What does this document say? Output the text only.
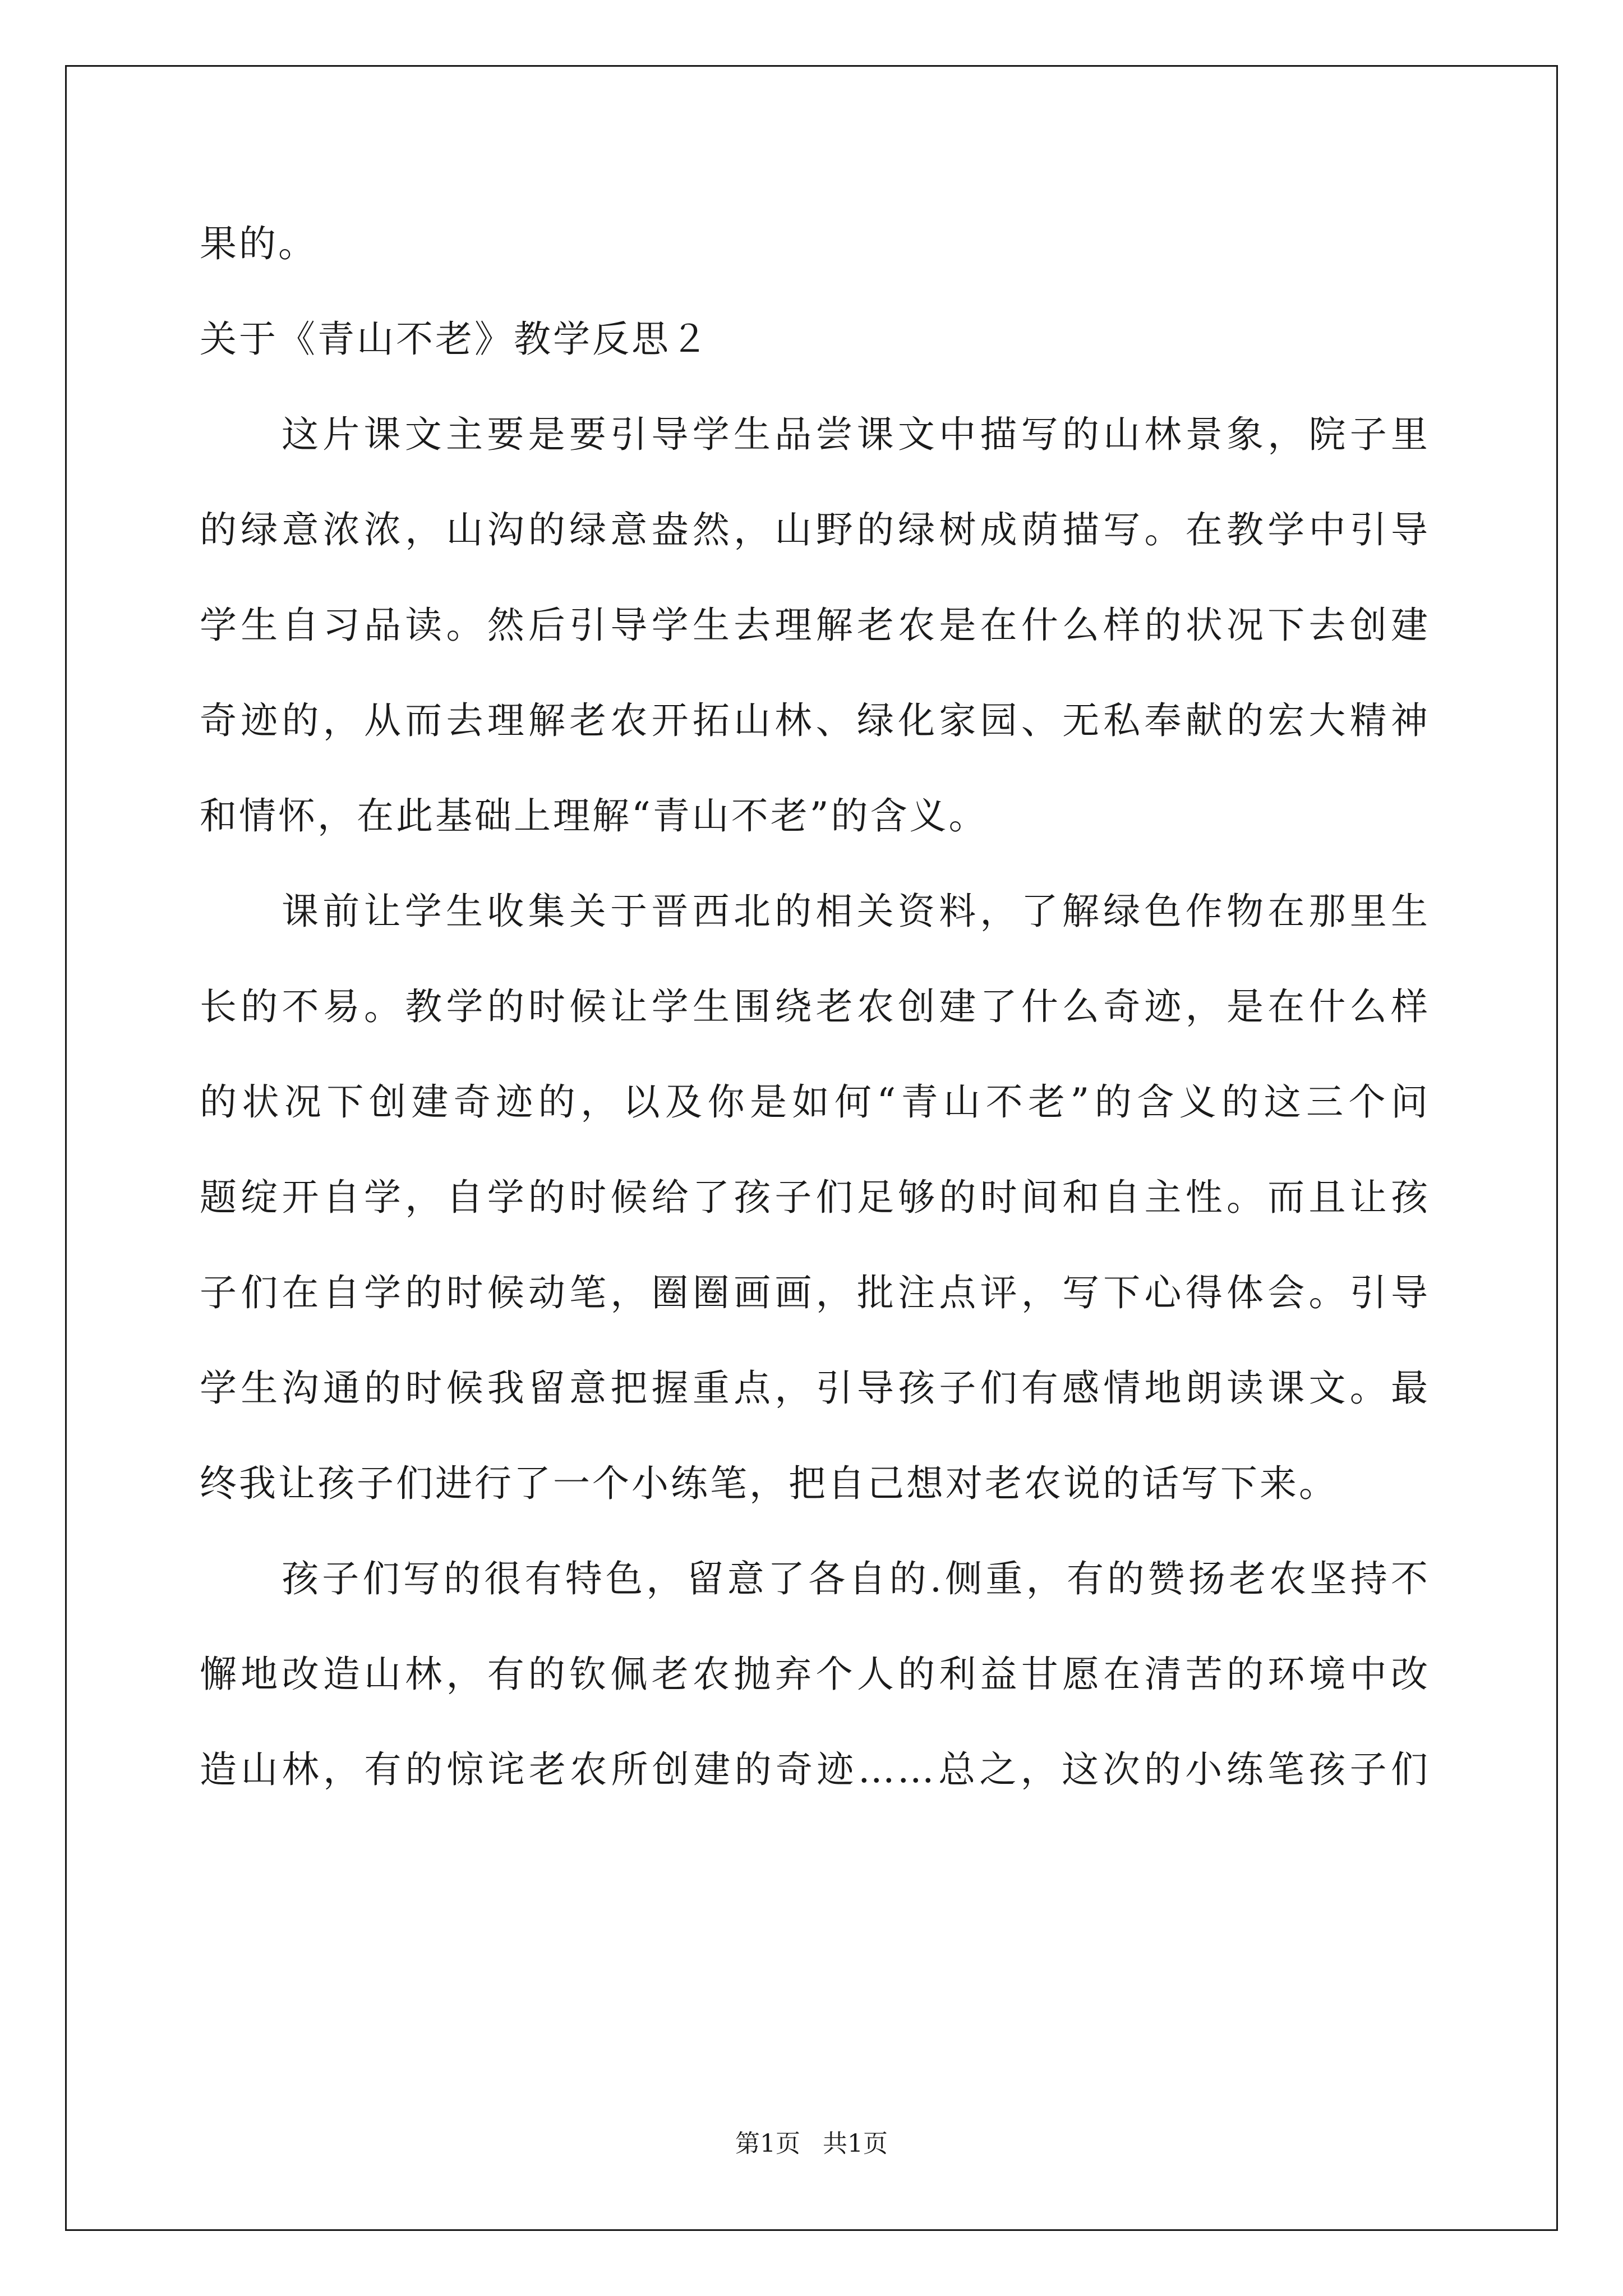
果的。
关于《青山不老》教学反思２
这片课文主要是要引导学生品尝课文中描写的山林景象，院子里
的绿意浓浓，山沟的绿意盎然，山野的绿树成荫描写。在教学中引导
学生自习品读。然后引导学生去理解老农是在什么样的状况下去创建
奇迹的，从而去理解老农开拓山林、绿化家园、无私奉献的宏大精神
和情怀，在此基础上理解“青山不老”的含义。
课前让学生收集关于晋西北的相关资料，了解绿色作物在那里生
长的不易。教学的时候让学生围绕老农创建了什么奇迹，是在什么样
的状况下创建奇迹的，以及你是如何“青山不老”的含义的这三个问
题绽开自学，自学的时候给了孩子们足够的时间和自主性。而且让孩
子们在自学的时候动笔，圈圈画画，批注点评，写下心得体会。引导
学生沟通的时候我留意把握重点，引导孩子们有感情地朗读课文。最
终我让孩子们进行了一个小练笔，把自己想对老农说的话写下来。
孩子们写的很有特色，留意了各自的.侧重，有的赞扬老农坚持不
懈地改造山林，有的钦佩老农抛弃个人的利益甘愿在清苦的环境中改
造山林，有的惊诧老农所创建的奇迹……总之，这次的小练笔孩子们
第1页 共1页
